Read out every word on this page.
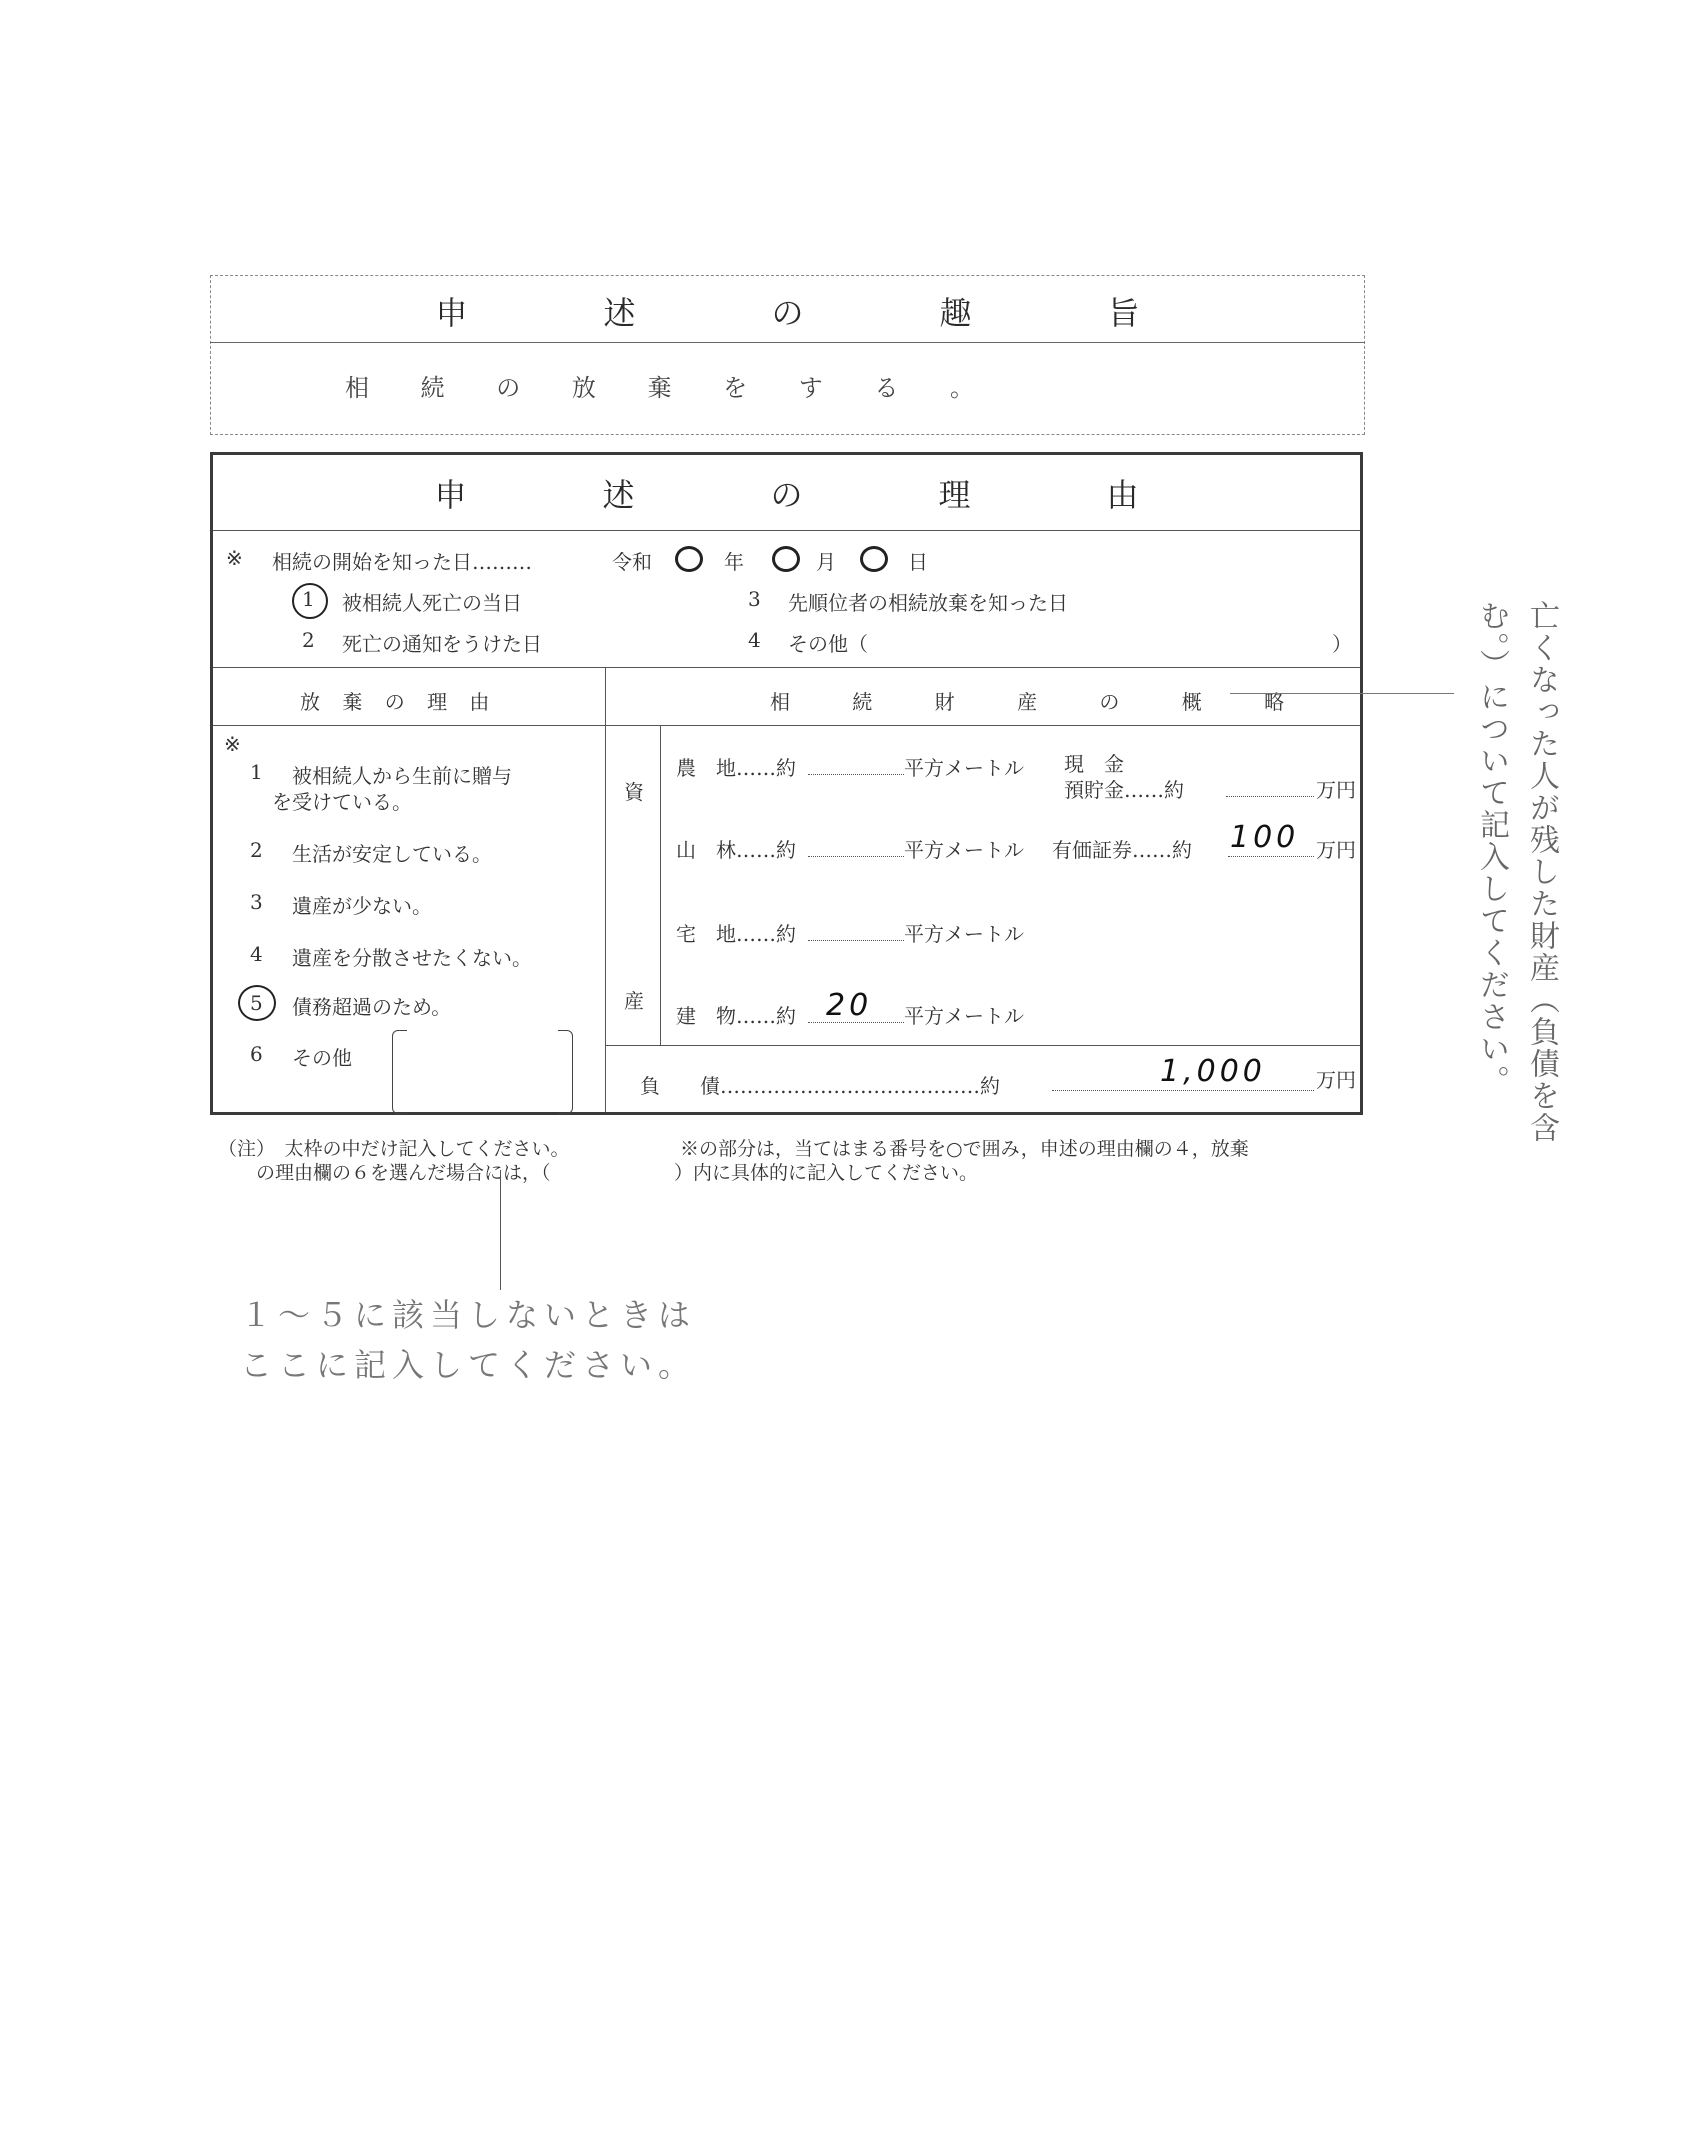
申	述	の	趣	旨
相 続 の 放 棄 を す る 。
申	述	の	理	由
※ 相続の開始を知った日………	令和	年	月	日
1 被相続人死亡の当日
2 死亡の通知をうけた日
3 先順位者の相続放棄を知った日
4 その他（	）
放 棄 の 理 由	相 続 財 産 の 概 略
※
1 被相続人から生前に贈与
を受けている。
2 生活が安定している。
3 遺産が少ない。
4 遺産を分散させたくない。
5 債務超過のため。
6 その他
資
産
農　地……約	平方メートル 現　金
預貯金……約	万円
山　林……約	平方メートル 有価証券……約 100 万円
宅　地……約	平方メートル
建　物……約 20 平方メートル
負　　債…………………………………約	1,000	万円
（注）　太枠の中だけ記入してください。
の理由欄の６を選んだ場合には，（
※の部分は，当てはまる番号を○で囲み，申述の理由欄の４，放棄
）内に具体的に記入してください。
亡くなった人が残した財産（負債を含む。）について記入してください。
１〜５に該当しないときは
ここに記入してください。
